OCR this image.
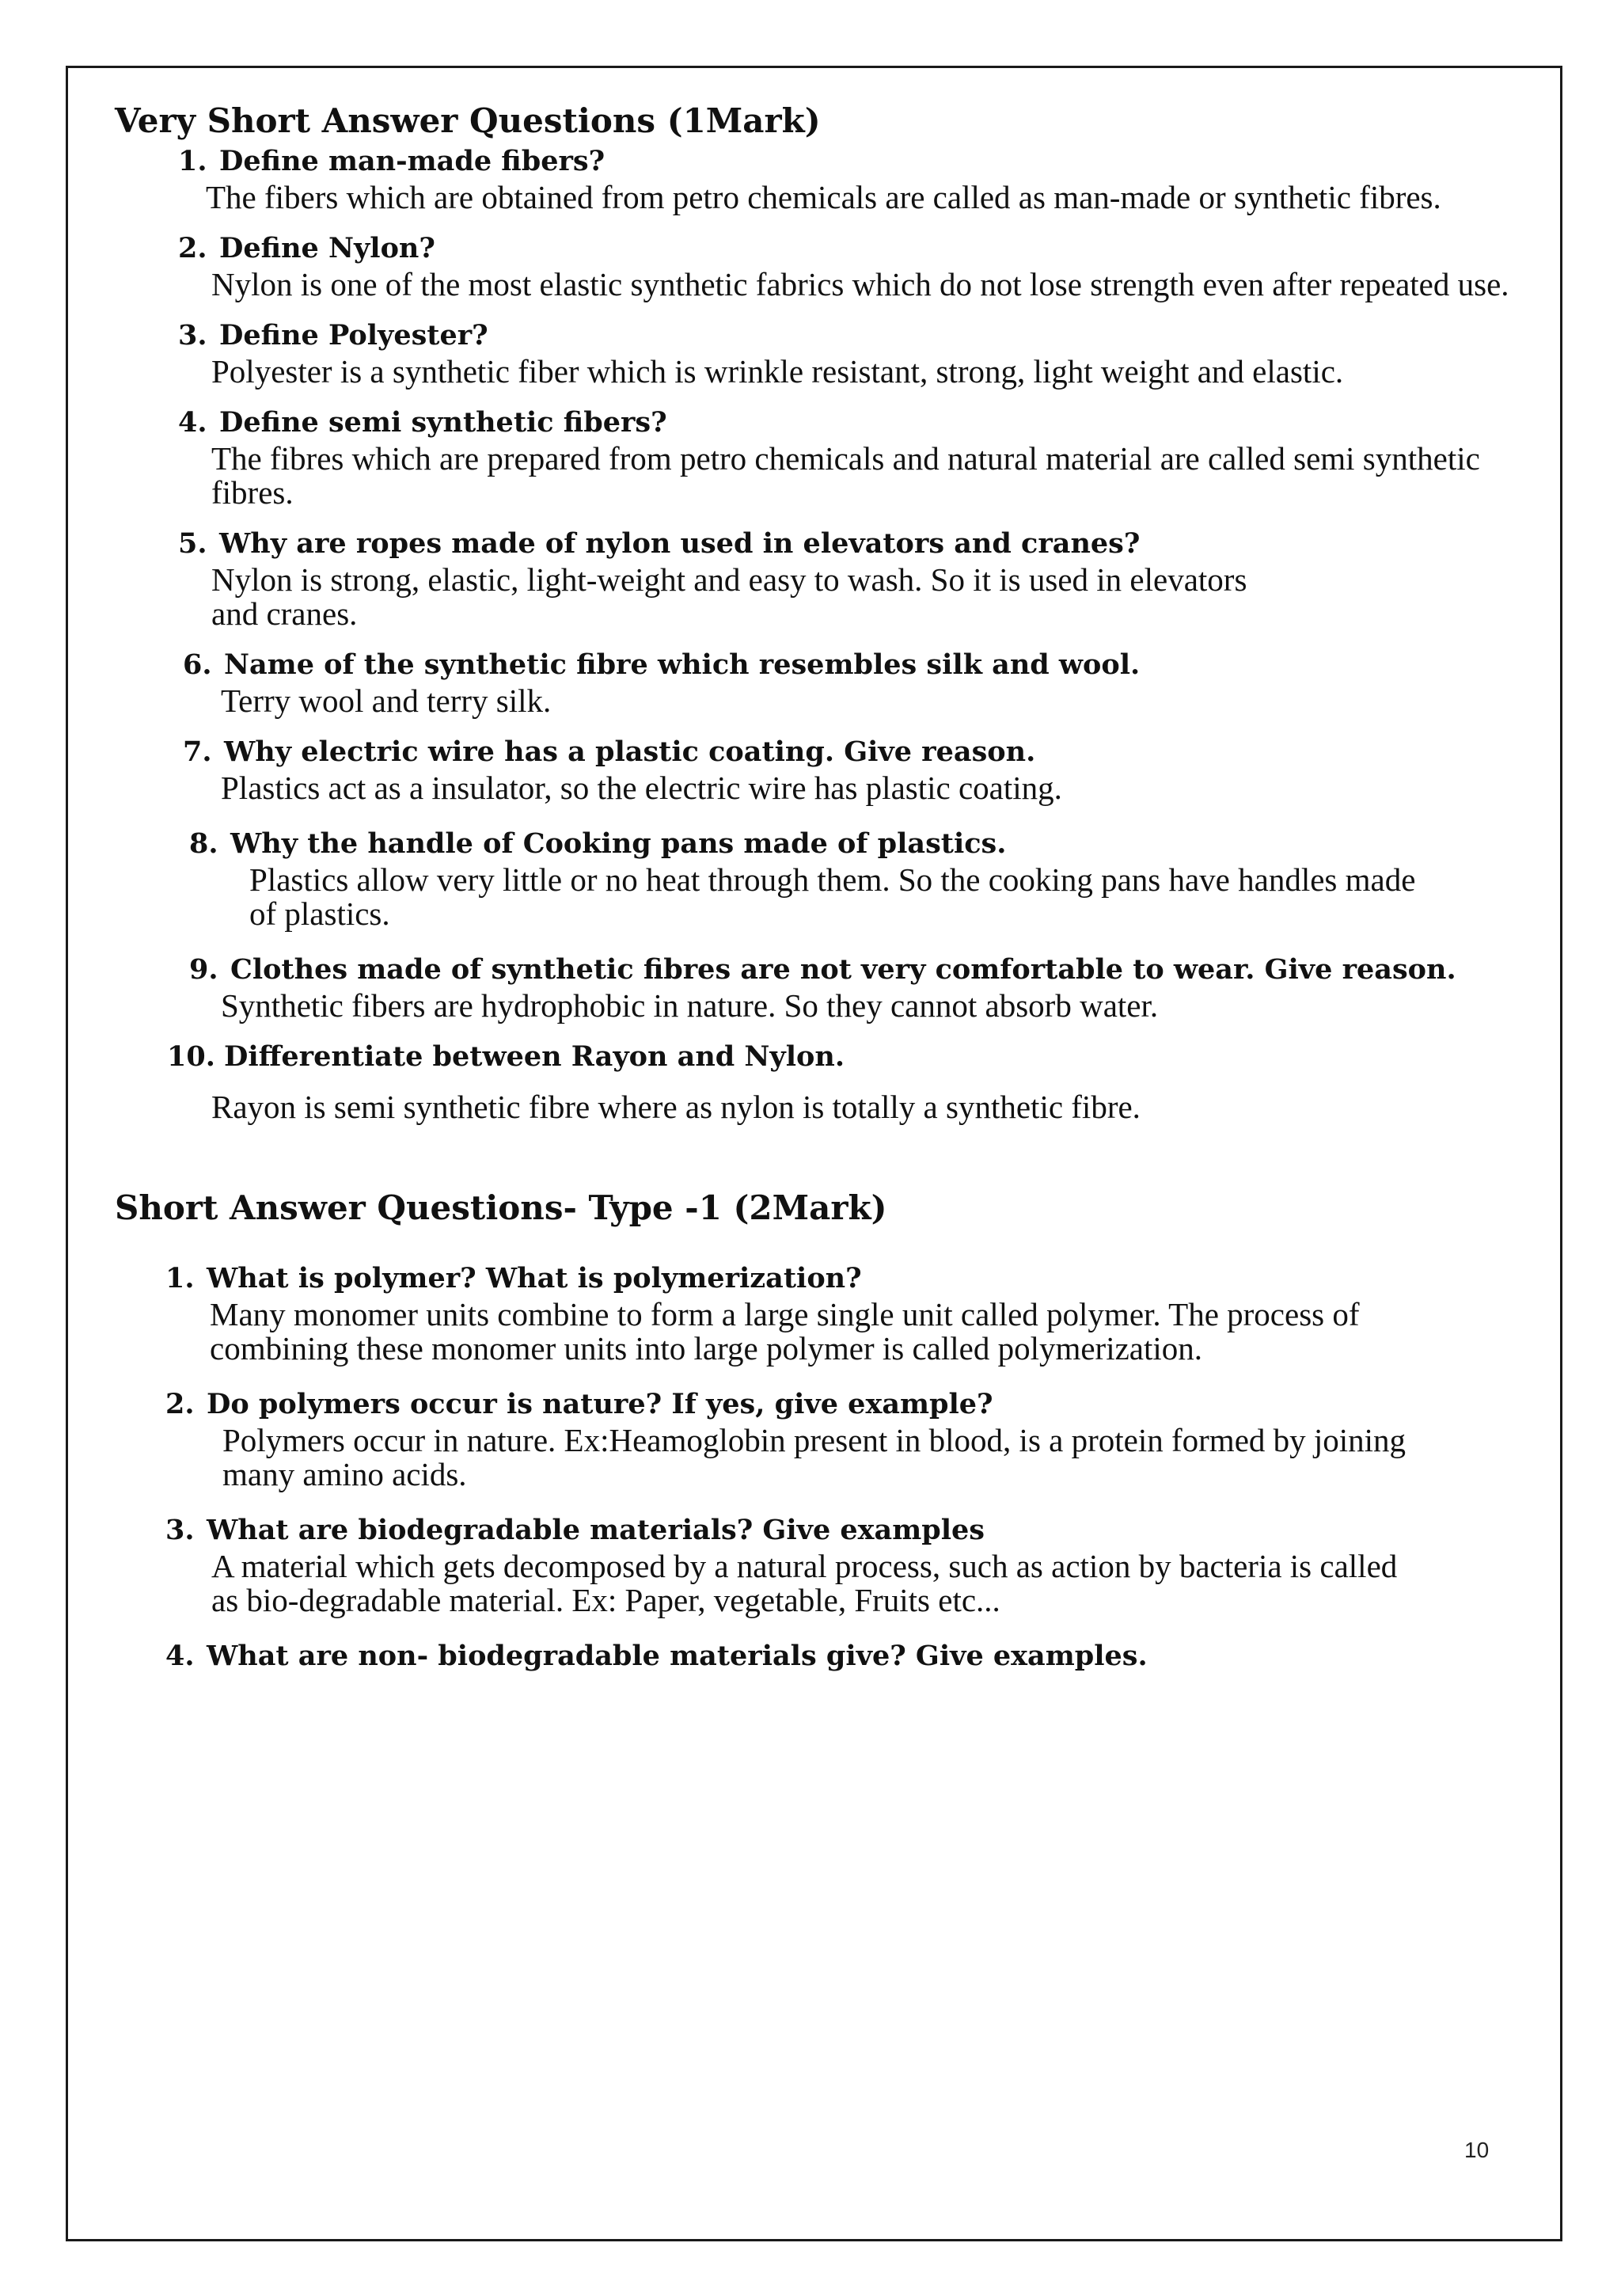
Very Short Answer Questions (1Mark)
1. Define man-made fibers?

The fibers which are obtained from petro chemicals are called as man-made or synthetic fibres.

2. Define Nylon?

Nylon is one of the most elastic synthetic fabrics which do not lose strength even after repeated use.

3. Define Polyester?

Polyester is a synthetic fiber which is wrinkle resistant, strong, light weight and elastic.

4. Define semi synthetic fibers?

The fibres which are prepared from petro chemicals and natural material are called semi synthetic fibres.

5. Why are ropes made of nylon used in elevators and cranes?

Nylon is strong, elastic, light-weight and easy to wash. So it is used in elevators and cranes.

6. Name of the synthetic fibre which resembles silk and wool.

Terry wool and terry silk.

7. Why electric wire has a plastic coating. Give reason.

Plastics act as a insulator, so the electric wire has plastic coating.

8. Why the handle of Cooking pans made of plastics.

Plastics allow very little or no heat through them. So the cooking pans have handles made of plastics.

9. Clothes made of synthetic fibres are not very comfortable to wear. Give reason.

Synthetic fibers are hydrophobic in nature. So they cannot absorb water.

10. Differentiate between Rayon and Nylon.

Rayon is semi synthetic fibre where as nylon is totally a synthetic fibre.

Short Answer Questions- Type -1 (2Mark)
1. What is polymer? What is polymerization?

Many monomer units combine to form a large single unit called polymer. The process of combining these monomer units into large polymer is called polymerization.

2. Do polymers occur is nature? If yes, give example?

Polymers occur in nature. Ex:Heamoglobin present in blood, is a protein formed by joining many amino acids.

3. What are biodegradable materials? Give examples

A material which gets decomposed by a natural process, such as action by bacteria is called as bio-degradable material. Ex: Paper, vegetable, Fruits etc...

4. What are non- biodegradable materials give? Give examples.

10
